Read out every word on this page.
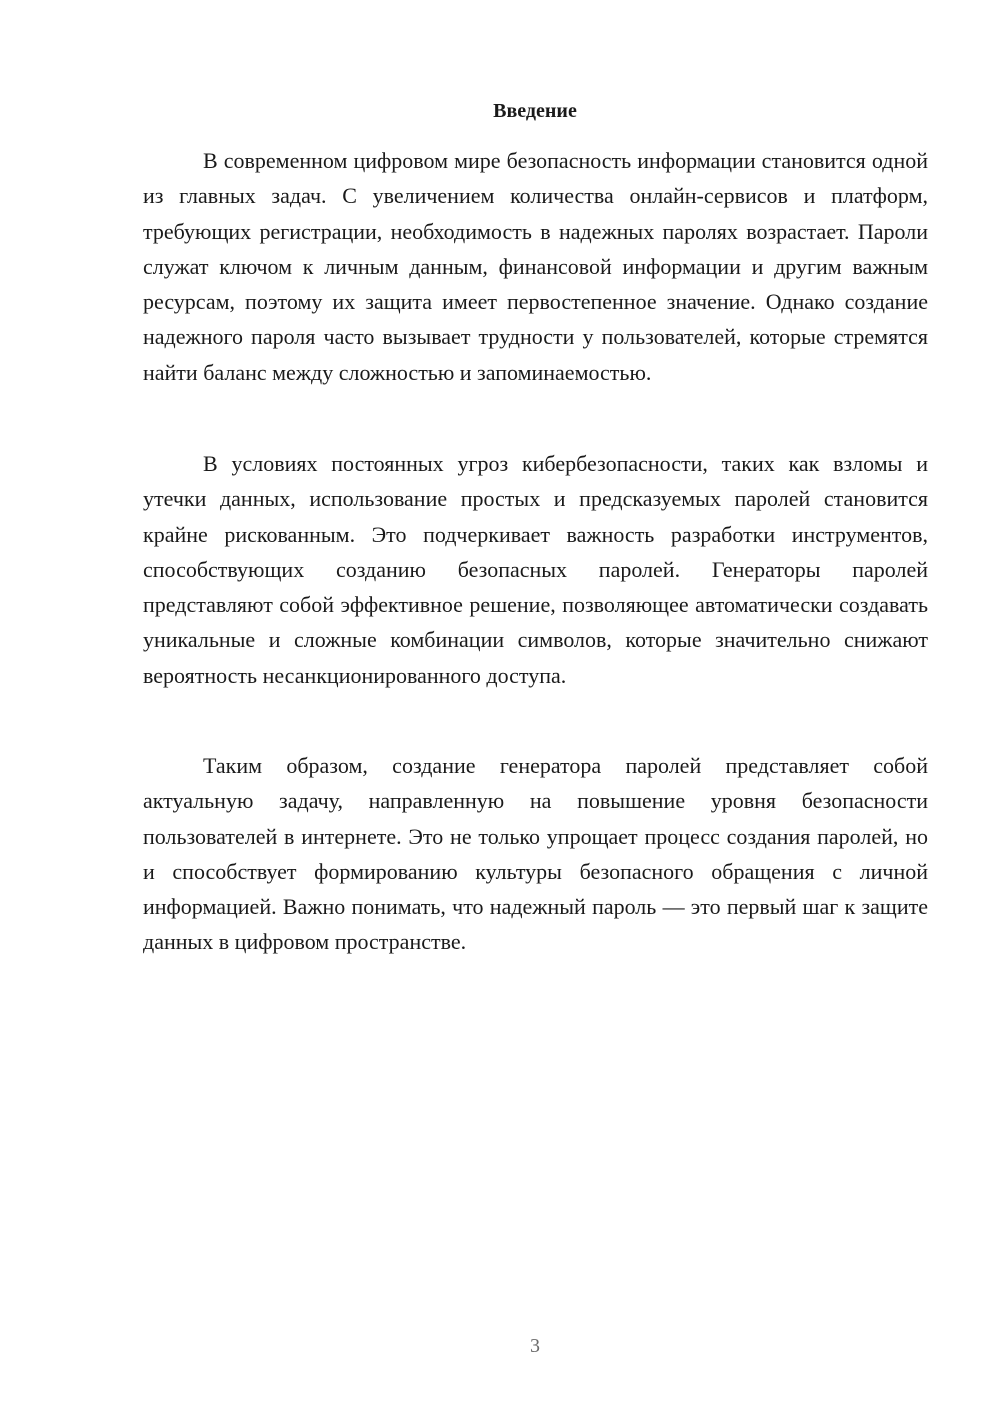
Введение

В современном цифровом мире безопасность информации становится одной из главных задач. С увеличением количества онлайн-сервисов и платформ, требующих регистрации, необходимость в надежных паролях возрастает. Пароли служат ключом к личным данным, финансовой информации и другим важным ресурсам, поэтому их защита имеет первостепенное значение. Однако создание надежного пароля часто вызывает трудности у пользователей, которые стремятся найти баланс между сложностью и запоминаемостью.

В условиях постоянных угроз кибербезопасности, таких как взломы и утечки данных, использование простых и предсказуемых паролей становится крайне рискованным. Это подчеркивает важность разработки инструментов, способствующих созданию безопасных паролей. Генераторы паролей представляют собой эффективное решение, позволяющее автоматически создавать уникальные и сложные комбинации символов, которые значительно снижают вероятность несанкционированного доступа.

Таким образом, создание генератора паролей представляет собой актуальную задачу, направленную на повышение уровня безопасности пользователей в интернете. Это не только упрощает процесс создания паролей, но и способствует формированию культуры безопасного обращения с личной информацией. Важно понимать, что надежный пароль — это первый шаг к защите данных в цифровом пространстве.

3
